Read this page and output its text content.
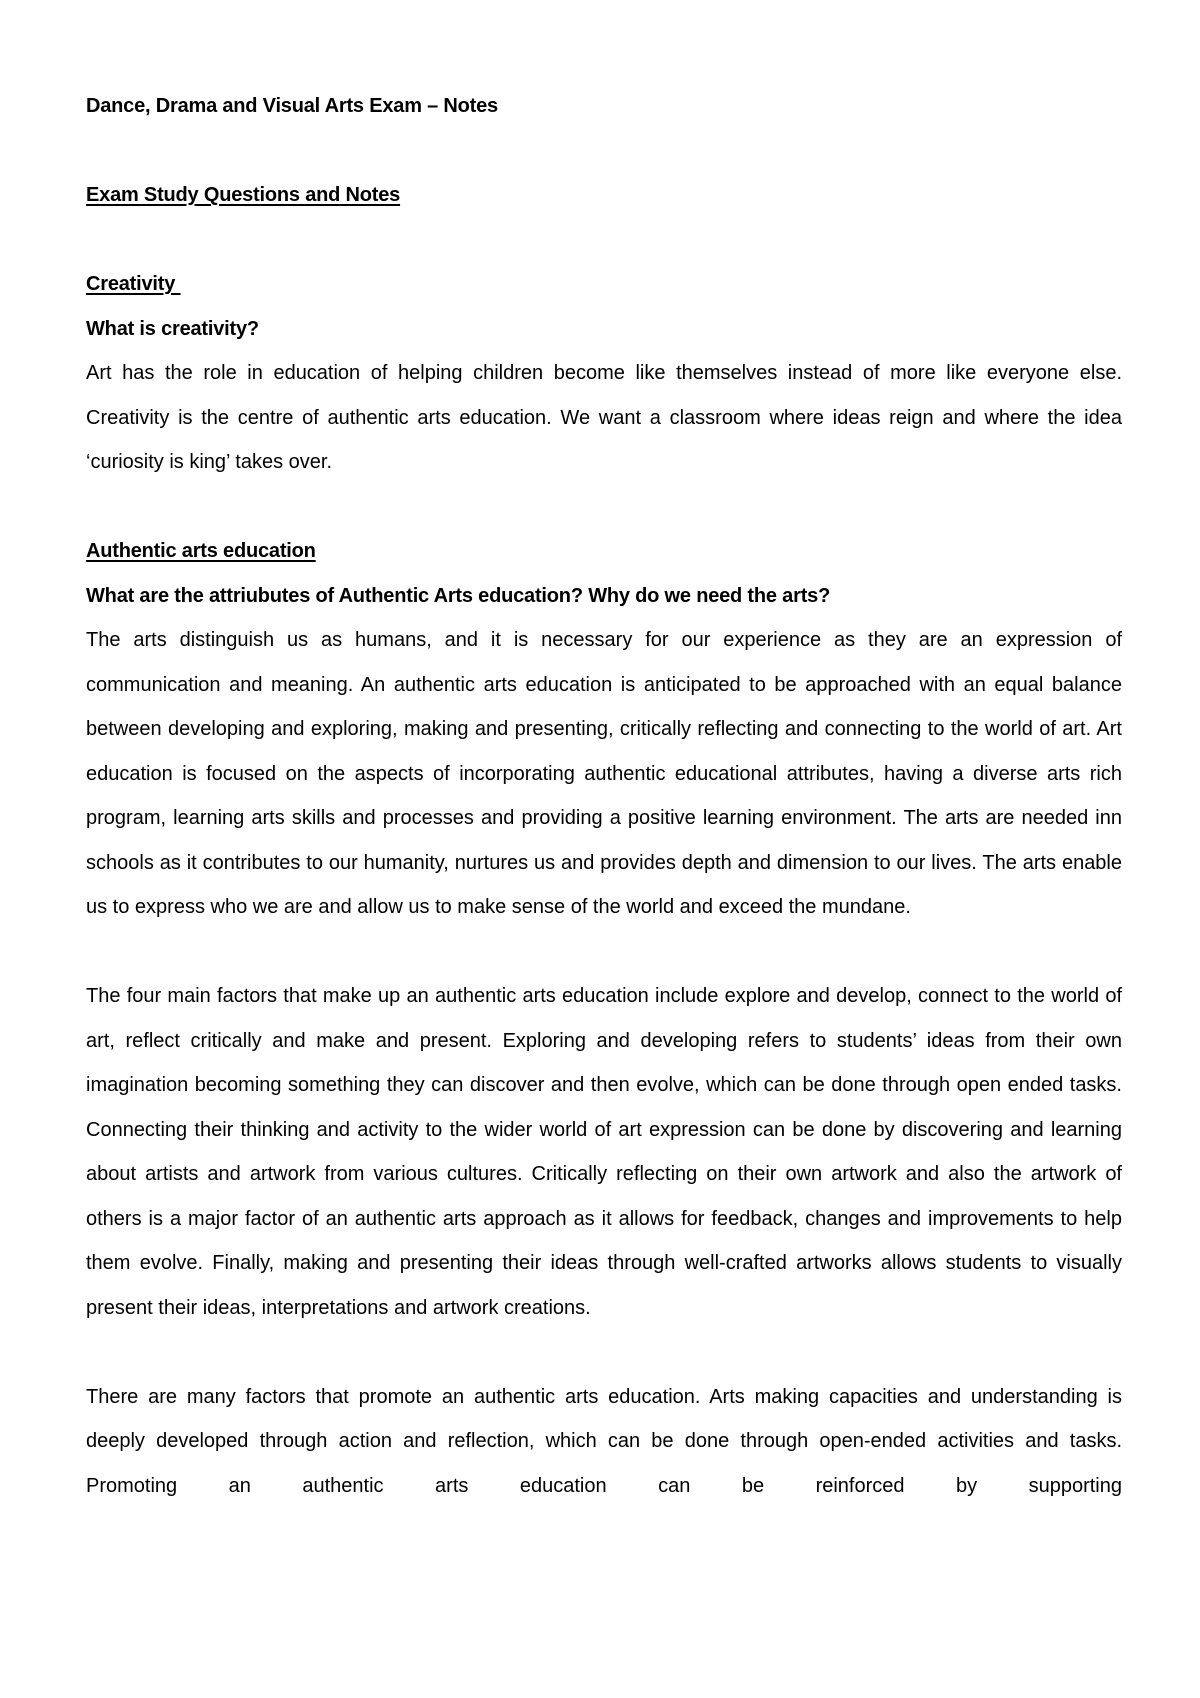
Dance, Drama and Visual Arts Exam – Notes

Exam Study Questions and Notes

Creativity

What is creativity?

Art has the role in education of helping children become like themselves instead of more like everyone else. Creativity is the centre of authentic arts education. We want a classroom where ideas reign and where the idea ‘curiosity is king’ takes over.

Authentic arts education

What are the attriubutes of Authentic Arts education? Why do we need the arts?

The arts distinguish us as humans, and it is necessary for our experience as they are an expression of communication and meaning. An authentic arts education is anticipated to be approached with an equal balance between developing and exploring, making and presenting, critically reflecting and connecting to the world of art. Art education is focused on the aspects of incorporating authentic educational attributes, having a diverse arts rich program, learning arts skills and processes and providing a positive learning environment. The arts are needed inn schools as it contributes to our humanity, nurtures us and provides depth and dimension to our lives. The arts enable us to express who we are and allow us to make sense of the world and exceed the mundane.

The four main factors that make up an authentic arts education include explore and develop, connect to the world of art, reflect critically and make and present. Exploring and developing refers to students’ ideas from their own imagination becoming something they can discover and then evolve, which can be done through open ended tasks. Connecting their thinking and activity to the wider world of art expression can be done by discovering and learning about artists and artwork from various cultures. Critically reflecting on their own artwork and also the artwork of others is a major factor of an authentic arts approach as it allows for feedback, changes and improvements to help them evolve. Finally, making and presenting their ideas through well-crafted artworks allows students to visually present their ideas, interpretations and artwork creations.

There are many factors that promote an authentic arts education. Arts making capacities and understanding is deeply developed through action and reflection, which can be done through open-ended activities and tasks. Promoting an authentic arts education can be reinforced by supporting
